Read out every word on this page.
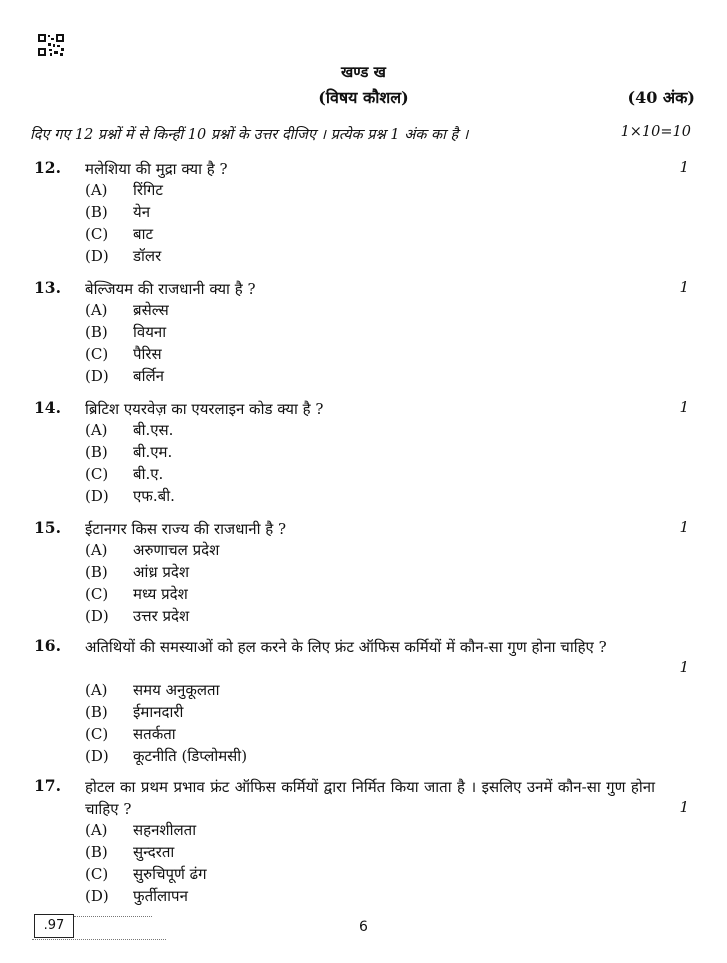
खण्ड ख
(विषय कौशल)	(40 अंक)
दिए गए 12 प्रश्नों में से किन्हीं 10 प्रश्नों के उत्तर दीजिए । प्रत्येक प्रश्न 1 अंक का है ।	1×10=10
12. मलेशिया की मुद्रा क्या है ?	1
(A) रिंगिट
(B) येन
(C) बाट
(D) डॉलर
13. बेल्जियम की राजधानी क्या है ?	1
(A) ब्रसेल्स
(B) वियना
(C) पैरिस
(D) बर्लिन
14. ब्रिटिश एयरवेज़ का एयरलाइन कोड क्या है ?	1
(A) बी.एस.
(B) बी.एम.
(C) बी.ए.
(D) एफ.बी.
15. ईटानगर किस राज्य की राजधानी है ?	1
(A) अरुणाचल प्रदेश
(B) आंध्र प्रदेश
(C) मध्य प्रदेश
(D) उत्तर प्रदेश
16. अतिथियों की समस्याओं को हल करने के लिए फ्रंट ऑफिस कर्मियों में कौन-सा गुण होना चाहिए ?
1
(A) समय अनुकूलता
(B) ईमानदारी
(C) सतर्कता
(D) कूटनीति (डिप्लोमसी)
17. होटल का प्रथम प्रभाव फ्रंट ऑफिस कर्मियों द्वारा निर्मित किया जाता है । इसलिए उनमें कौन-सा गुण होना चाहिए ?	1
(A) सहनशीलता
(B) सुन्दरता
(C) सुरुचिपूर्ण ढंग
(D) फुर्तीलापन
.97	6
